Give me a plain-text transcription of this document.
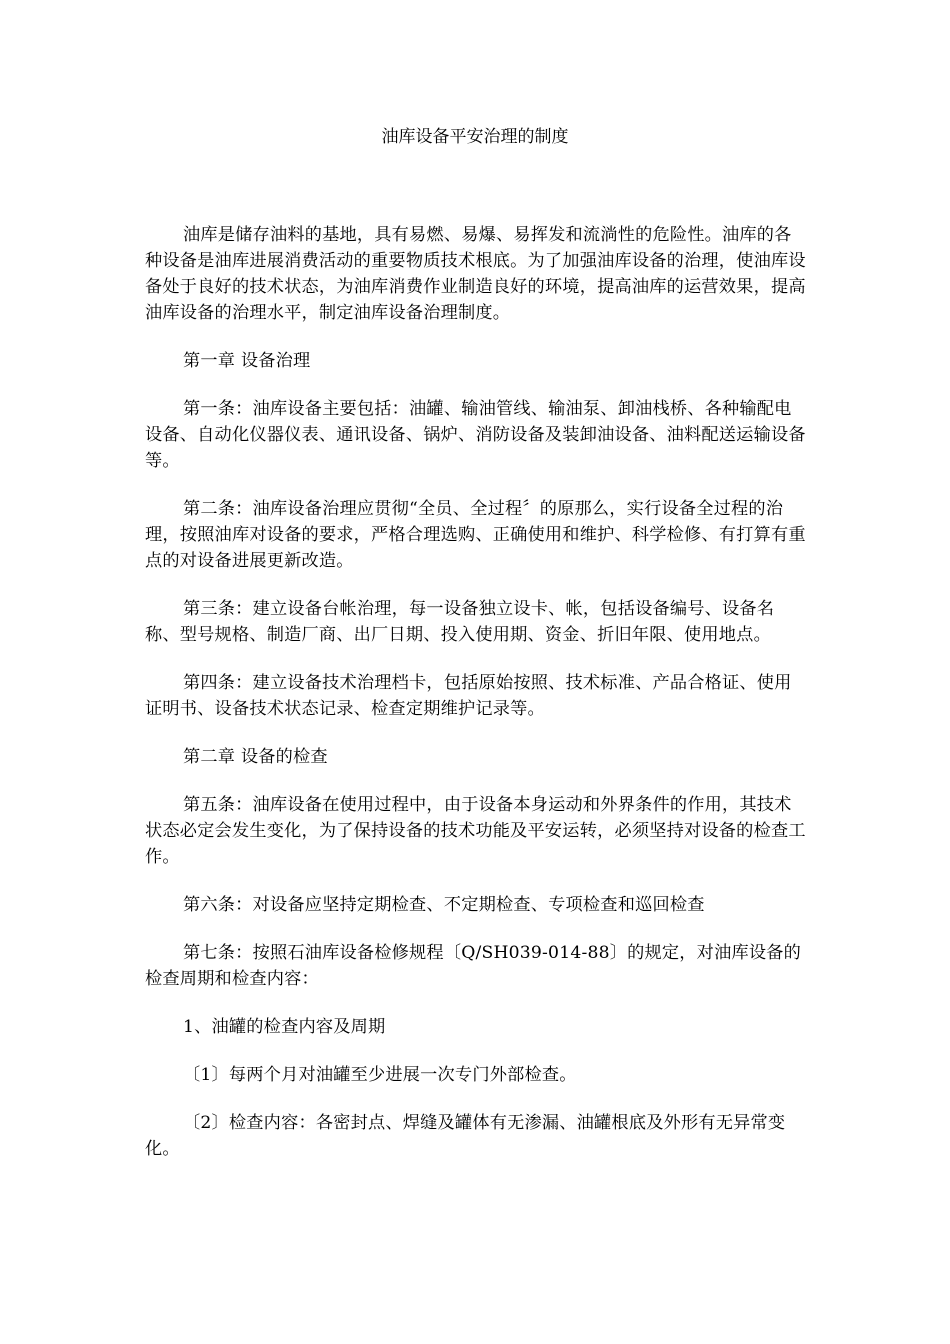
油库设备平安治理的制度

油库是储存油料的基地，具有易燃、易爆、易挥发和流淌性的危险性。油库的各种设备是油库进展消费活动的重要物质技术根底。为了加强油库设备的治理，使油库设备处于良好的技术状态，为油库消费作业制造良好的环境，提高油库的运营效果，提高油库设备的治理水平，制定油库设备治理制度。

第一章 设备治理

第一条：油库设备主要包括：油罐、输油管线、输油泵、卸油栈桥、各种输配电设备、自动化仪器仪表、通讯设备、锅炉、消防设备及装卸油设备、油料配送运输设备等。

第二条：油库设备治理应贯彻“全员、全过程〞的原那么，实行设备全过程的治理，按照油库对设备的要求，严格合理选购、正确使用和维护、科学检修、有打算有重点的对设备进展更新改造。

第三条：建立设备台帐治理，每一设备独立设卡、帐，包括设备编号、设备名称、型号规格、制造厂商、出厂日期、投入使用期、资金、折旧年限、使用地点。

第四条：建立设备技术治理档卡，包括原始按照、技术标准、产品合格证、使用证明书、设备技术状态记录、检查定期维护记录等。

第二章 设备的检查

第五条：油库设备在使用过程中，由于设备本身运动和外界条件的作用，其技术状态必定会发生变化，为了保持设备的技术功能及平安运转，必须坚持对设备的检查工作。

第六条：对设备应坚持定期检查、不定期检查、专项检查和巡回检查

第七条：按照石油库设备检修规程〔Q/SH039-014-88〕的规定，对油库设备的检查周期和检查内容：

1、油罐的检查内容及周期

〔1〕每两个月对油罐至少进展一次专门外部检查。

〔2〕检查内容：各密封点、焊缝及罐体有无渗漏、油罐根底及外形有无异常变化。
